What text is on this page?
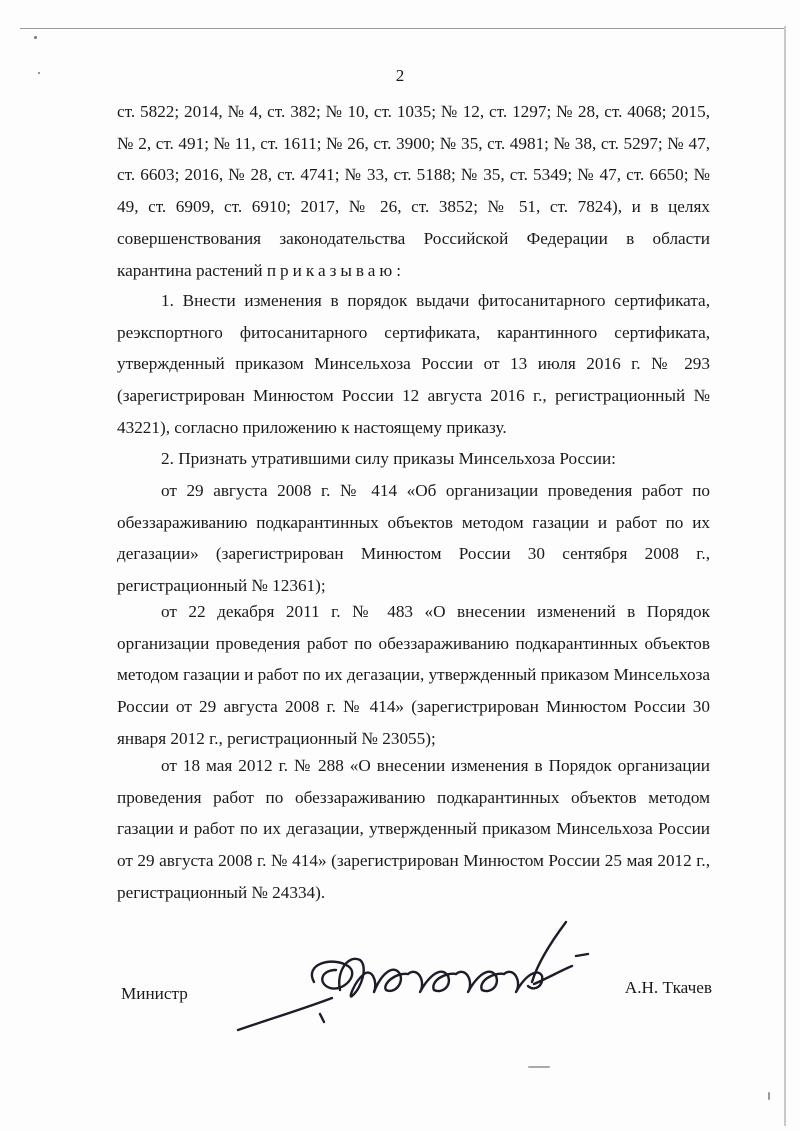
2
ст. 5822; 2014, № 4, ст. 382; № 10, ст. 1035; № 12, ст. 1297; № 28, ст. 4068; 2015, № 2, ст. 491; № 11, ст. 1611; № 26, ст. 3900; № 35, ст. 4981; № 38, ст. 5297; № 47, ст. 6603; 2016, № 28, ст. 4741; № 33, ст. 5188; № 35, ст. 5349; № 47, ст. 6650; № 49, ст. 6909, ст. 6910; 2017, № 26, ст. 3852; № 51, ст. 7824), и в целях совершенствования законодательства Российской Федерации в области карантина растений приказываю:
1. Внести изменения в порядок выдачи фитосанитарного сертификата, реэкспортного фитосанитарного сертификата, карантинного сертификата, утвержденный приказом Минсельхоза России от 13 июля 2016 г. № 293 (зарегистрирован Минюстом России 12 августа 2016 г., регистрационный № 43221), согласно приложению к настоящему приказу.
2. Признать утратившими силу приказы Минсельхоза России:
от 29 августа 2008 г. № 414 «Об организации проведения работ по обеззараживанию подкарантинных объектов методом газации и работ по их дегазации» (зарегистрирован Минюстом России 30 сентября 2008 г., регистрационный № 12361);
от 22 декабря 2011 г. № 483 «О внесении изменений в Порядок организации проведения работ по обеззараживанию подкарантинных объектов методом газации и работ по их дегазации, утвержденный приказом Минсельхоза России от 29 августа 2008 г. № 414» (зарегистрирован Минюстом России 30 января 2012 г., регистрационный № 23055);
от 18 мая 2012 г. № 288 «О внесении изменения в Порядок организации проведения работ по обеззараживанию подкарантинных объектов методом газации и работ по их дегазации, утвержденный приказом Минсельхоза России от 29 августа 2008 г. № 414» (зарегистрирован Минюстом России 25 мая 2012 г., регистрационный № 24334).
Министр	А.Н. Ткачев
